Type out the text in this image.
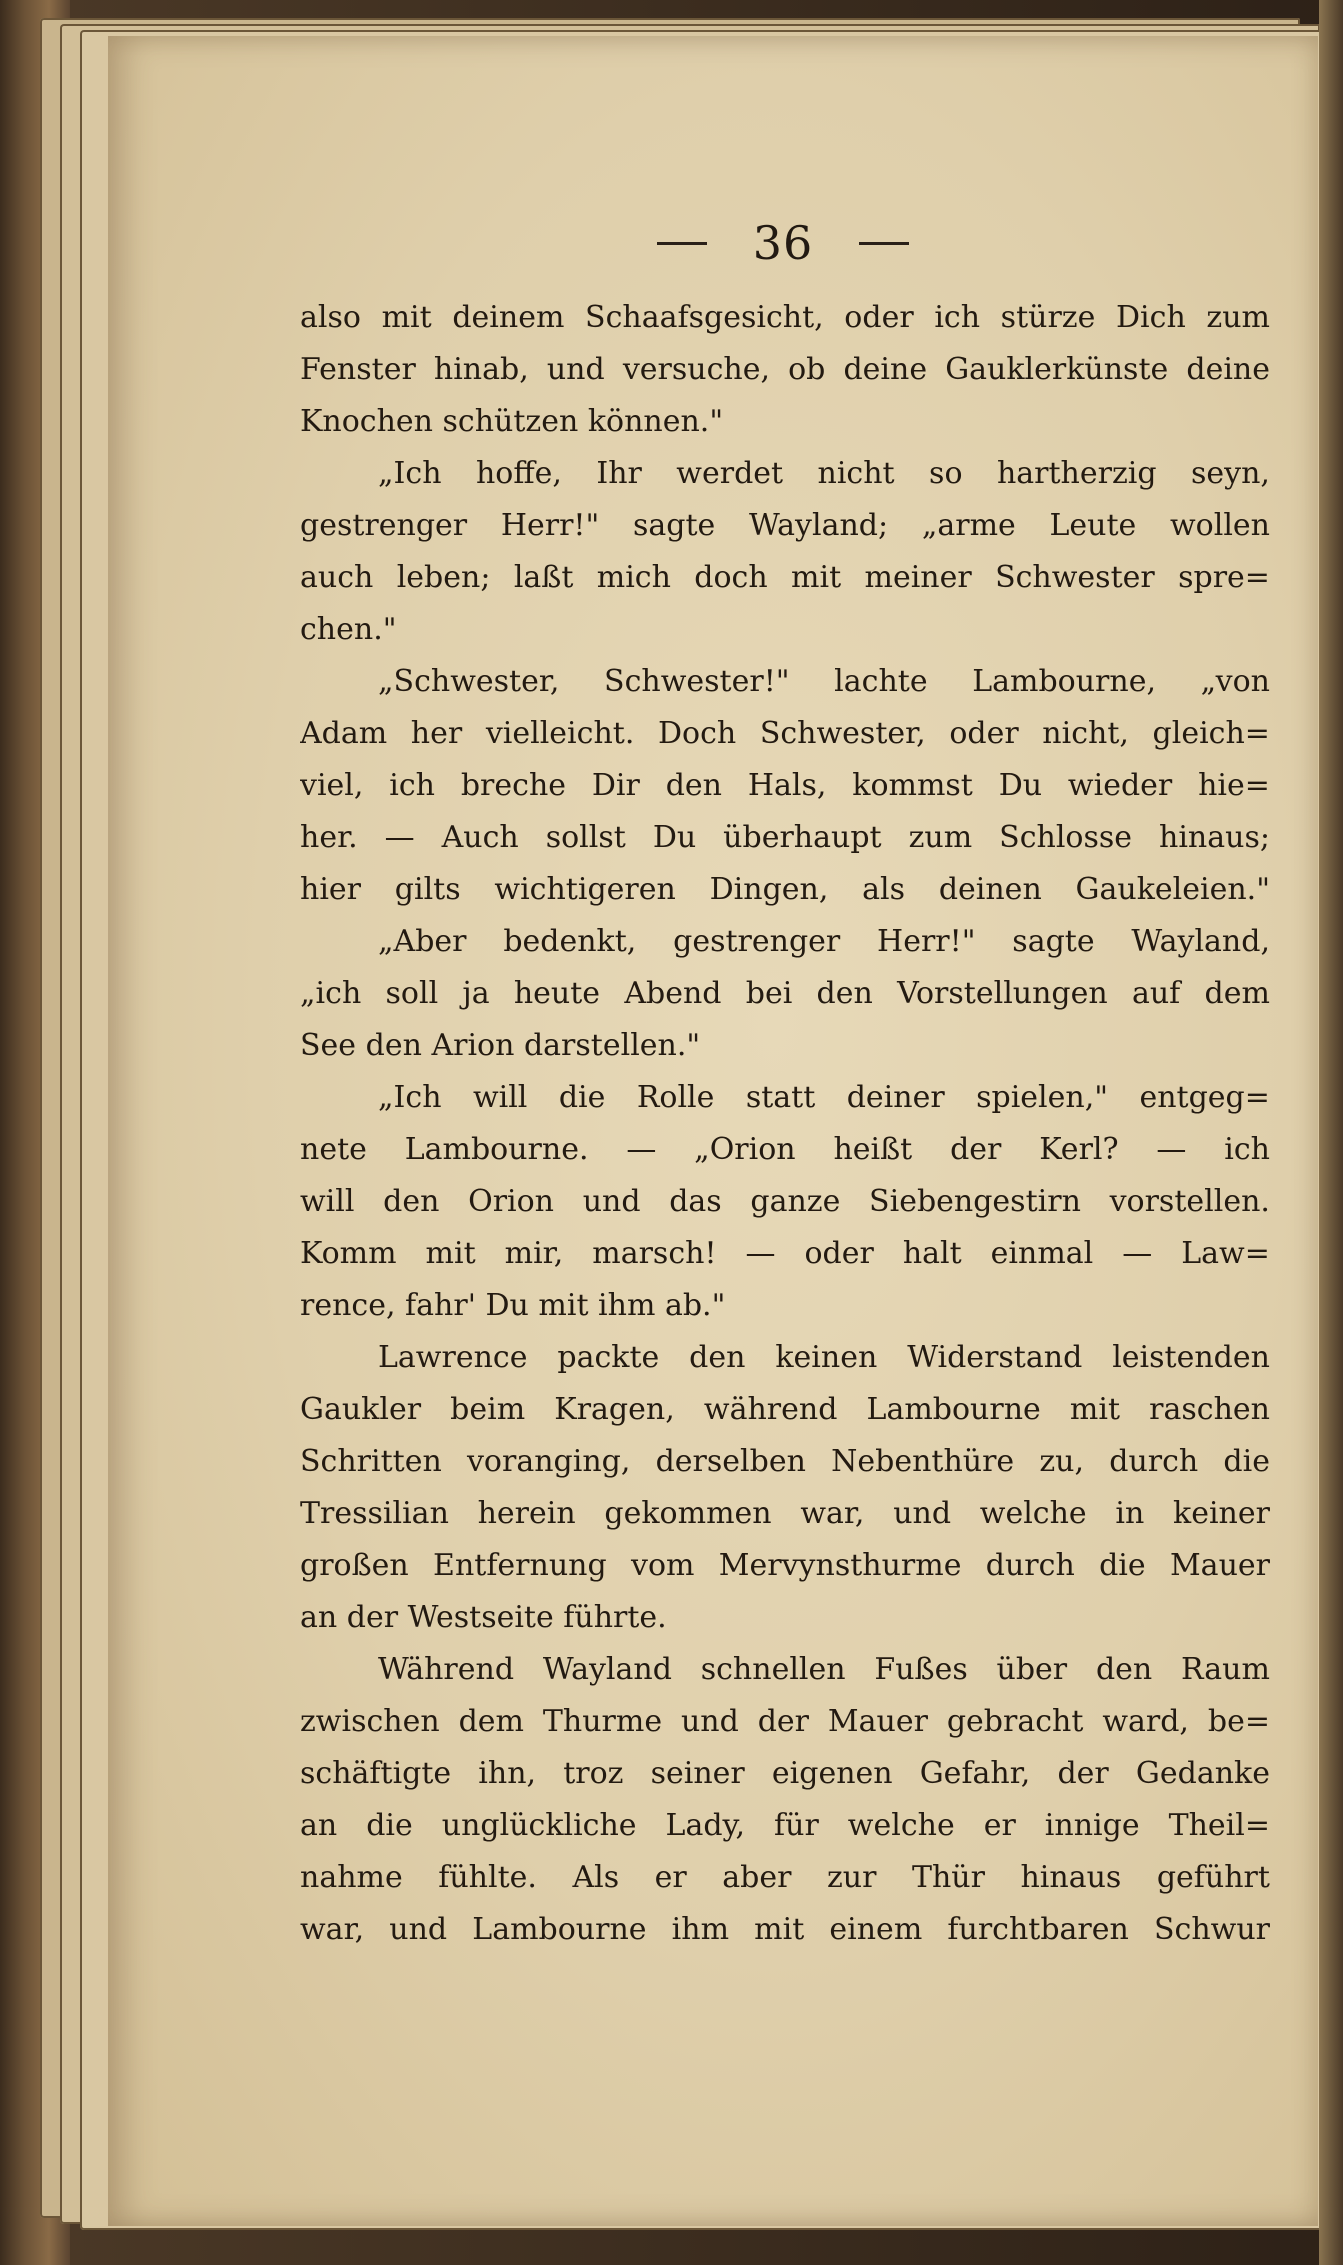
36
also mit deinem Schaafsgesicht, oder ich stürze Dich zum
Fenster hinab, und versuche, ob deine Gauklerkünste deine
Knochen schützen können."
„Ich hoffe, Ihr werdet nicht so hartherzig seyn,
gestrenger Herr!" sagte Wayland; „arme Leute wollen
auch leben; laßt mich doch mit meiner Schwester spre=
chen."
„Schwester, Schwester!" lachte Lambourne, „von
Adam her vielleicht. Doch Schwester, oder nicht, gleich=
viel, ich breche Dir den Hals, kommst Du wieder hie=
her. — Auch sollst Du überhaupt zum Schlosse hinaus;
hier gilts wichtigeren Dingen, als deinen Gaukeleien."
„Aber bedenkt, gestrenger Herr!" sagte Wayland,
„ich soll ja heute Abend bei den Vorstellungen auf dem
See den Arion darstellen."
„Ich will die Rolle statt deiner spielen," entgeg=
nete Lambourne. — „Orion heißt der Kerl? — ich
will den Orion und das ganze Siebengestirn vorstellen.
Komm mit mir, marsch! — oder halt einmal — Law=
rence, fahr' Du mit ihm ab."
Lawrence packte den keinen Widerstand leistenden
Gaukler beim Kragen, während Lambourne mit raschen
Schritten voranging, derselben Nebenthüre zu, durch die
Tressilian herein gekommen war, und welche in keiner
großen Entfernung vom Mervynsthurme durch die Mauer
an der Westseite führte.
Während Wayland schnellen Fußes über den Raum
zwischen dem Thurme und der Mauer gebracht ward, be=
schäftigte ihn, troz seiner eigenen Gefahr, der Gedanke
an die unglückliche Lady, für welche er innige Theil=
nahme fühlte. Als er aber zur Thür hinaus geführt
war, und Lambourne ihm mit einem furchtbaren Schwur
